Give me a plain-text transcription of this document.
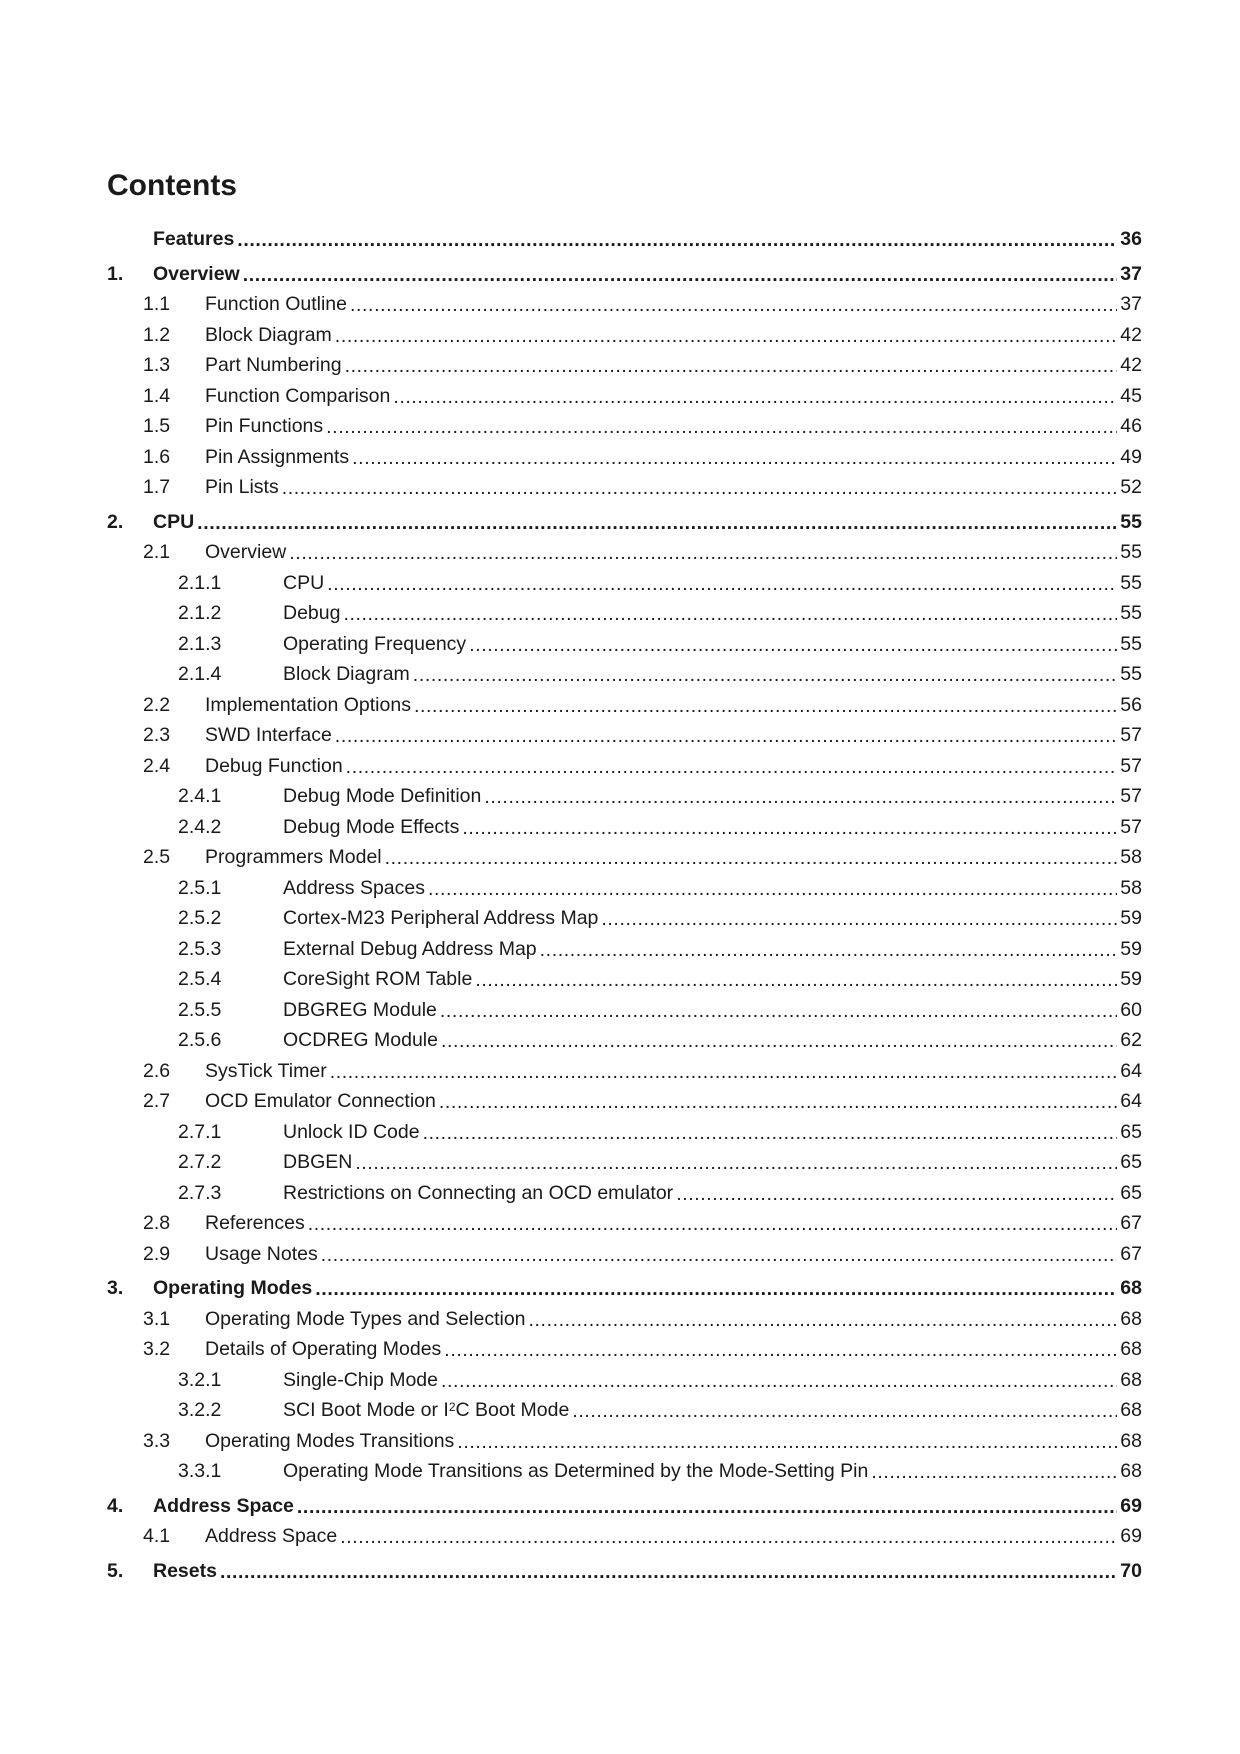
Contents
Features .....	36
1.	Overview .....	37
1.1	Function Outline .....	37
1.2	Block Diagram .....	42
1.3	Part Numbering .....	42
1.4	Function Comparison .....	45
1.5	Pin Functions .....	46
1.6	Pin Assignments .....	49
1.7	Pin Lists .....	52
2.	CPU .....	55
2.1	Overview .....	55
2.1.1	CPU .....	55
2.1.2	Debug .....	55
2.1.3	Operating Frequency .....	55
2.1.4	Block Diagram .....	55
2.2	Implementation Options .....	56
2.3	SWD Interface .....	57
2.4	Debug Function .....	57
2.4.1	Debug Mode Definition .....	57
2.4.2	Debug Mode Effects .....	57
2.5	Programmers Model .....	58
2.5.1	Address Spaces .....	58
2.5.2	Cortex-M23 Peripheral Address Map .....	59
2.5.3	External Debug Address Map .....	59
2.5.4	CoreSight ROM Table .....	59
2.5.5	DBGREG Module .....	60
2.5.6	OCDREG Module .....	62
2.6	SysTick Timer .....	64
2.7	OCD Emulator Connection .....	64
2.7.1	Unlock ID Code .....	65
2.7.2	DBGEN .....	65
2.7.3	Restrictions on Connecting an OCD emulator .....	65
2.8	References .....	67
2.9	Usage Notes .....	67
3.	Operating Modes .....	68
3.1	Operating Mode Types and Selection .....	68
3.2	Details of Operating Modes .....	68
3.2.1	Single-Chip Mode .....	68
3.2.2	SCI Boot Mode or $I^2C$ Boot Mode .....	68
3.3	Operating Modes Transitions .....	68
3.3.1	Operating Mode Transitions as Determined by the Mode-Setting Pin .....	68
4.	Address Space .....	69
4.1	Address Space .....	69
5.	Resets .....	70
